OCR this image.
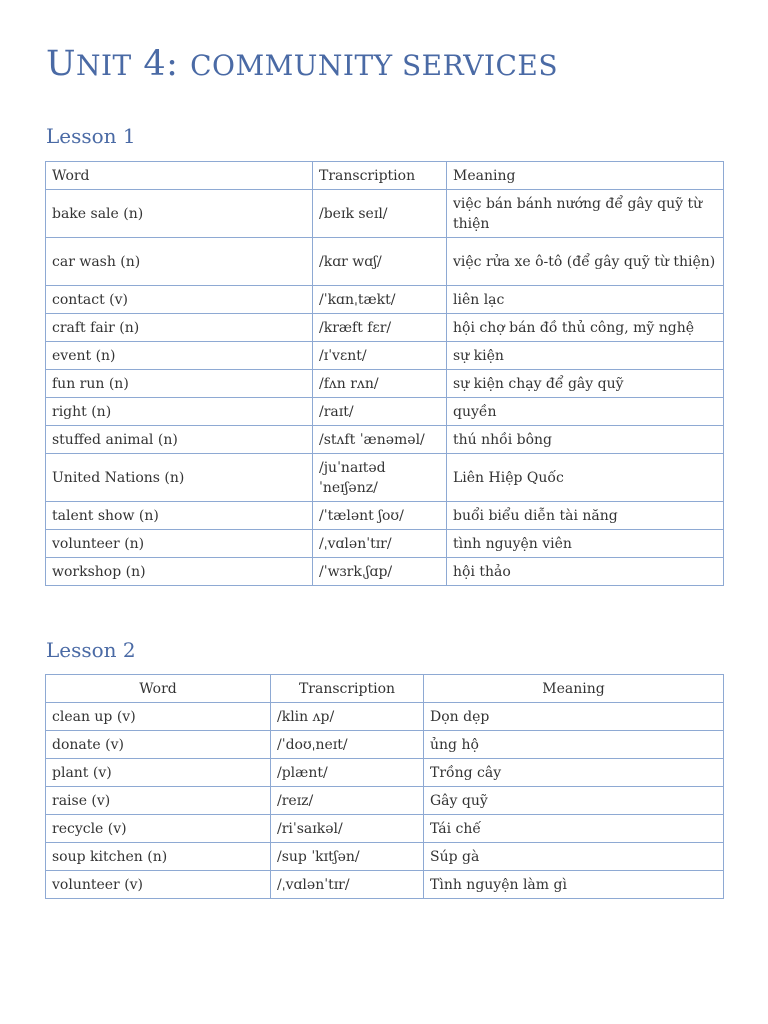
UNIT 4: COMMUNITY SERVICES
Lesson 1
Word	Transcription	Meaning
bake sale (n)	/beɪk seɪl/	việc bán bánh nướng để gây quỹ từ thiện
car wash (n)	/kɑr wɑʃ/	việc rửa xe ô-tô (để gây quỹ từ thiện)
contact (v)	/ˈkɑnˌtækt/	liên lạc
craft fair (n)	/kræft fɛr/	hội chợ bán đồ thủ công, mỹ nghệ
event (n)	/ɪˈvɛnt/	sự kiện
fun run (n)	/fʌn rʌn/	sự kiện chạy để gây quỹ
right (n)	/raɪt/	quyền
stuffed animal (n)	/stʌft ˈænəməl/	thú nhồi bông
United Nations (n)	/juˈnaɪtəd ˈneɪʃənz/	Liên Hiệp Quốc
talent show (n)	/ˈtælənt ʃoʊ/	buổi biểu diễn tài năng
volunteer (n)	/ˌvɑlənˈtɪr/	tình nguyện viên
workshop (n)	/ˈwɜrkˌʃɑp/	hội thảo
Lesson 2
Word	Transcription	Meaning
clean up (v)	/klin ʌp/	Dọn dẹp
donate (v)	/ˈdoʊˌneɪt/	ủng hộ
plant (v)	/plænt/	Trồng cây
raise (v)	/reɪz/	Gây quỹ
recycle (v)	/riˈsaɪkəl/	Tái chế
soup kitchen (n)	/sup ˈkɪtʃən/	Súp gà
volunteer (v)	/ˌvɑlənˈtɪr/	Tình nguyện làm gì
